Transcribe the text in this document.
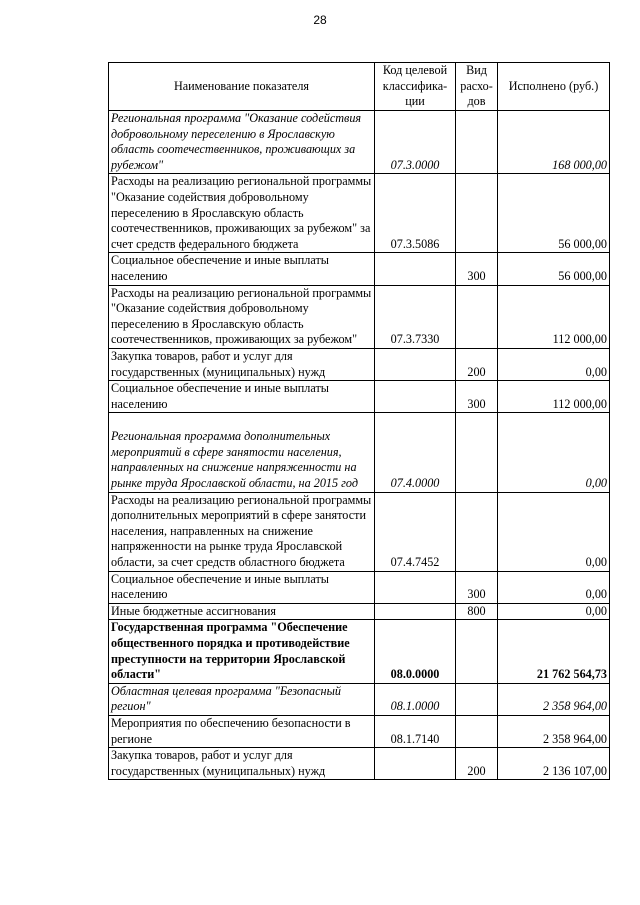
28
Наименование показателя	Код целевой классифика-ции	Вид расхо-дов	Исполнено (руб.)
Региональная программа "Оказание содействия добровольному переселению в Ярославскую область соотечественников, проживающих за рубежом"	07.3.0000		168 000,00
Расходы на реализацию региональной программы "Оказание содействия добровольному переселению в Ярославскую область соотечественников, проживающих за рубежом" за счет средств федерального бюджета	07.3.5086		56 000,00
Социальное обеспечение и иные выплаты населению		300	56 000,00
Расходы на реализацию региональной программы "Оказание содействия добровольному переселению в Ярославскую область соотечественников, проживающих за рубежом"	07.3.7330		112 000,00
Закупка товаров, работ и услуг для государственных (муниципальных) нужд		200	0,00
Социальное обеспечение и иные выплаты населению		300	112 000,00
Региональная программа дополнительных мероприятий в сфере занятости населения, направленных на снижение напряженности на рынке труда Ярославской области, на 2015 год	07.4.0000		0,00
Расходы на реализацию региональной программы дополнительных мероприятий в сфере занятости населения, направленных на снижение напряженности на рынке труда Ярославской области, за счет средств областного бюджета	07.4.7452		0,00
Социальное обеспечение и иные выплаты населению		300	0,00
Иные бюджетные ассигнования		800	0,00
Государственная программа "Обеспечение общественного порядка и противодействие преступности на территории Ярославской области"	08.0.0000		21 762 564,73
Областная целевая программа "Безопасный регион"	08.1.0000		2 358 964,00
Мероприятия по обеспечению безопасности в регионе	08.1.7140		2 358 964,00
Закупка товаров, работ и услуг для государственных (муниципальных) нужд		200	2 136 107,00
